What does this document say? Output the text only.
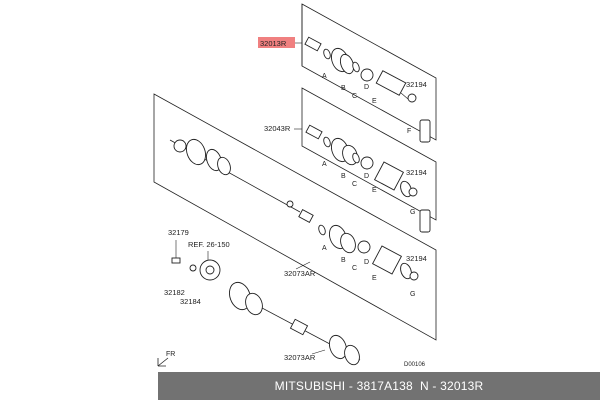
32013R
A
B
C
D
E
32194
32043R
A
B
C
D
E
F
G
32194
A
B
C
D
E
G
32194
32073AR
32179
REF. 26-150
32182
32184
32073AR
FR
D00106
MITSUBISHI - 3817A138 N - 32013R
